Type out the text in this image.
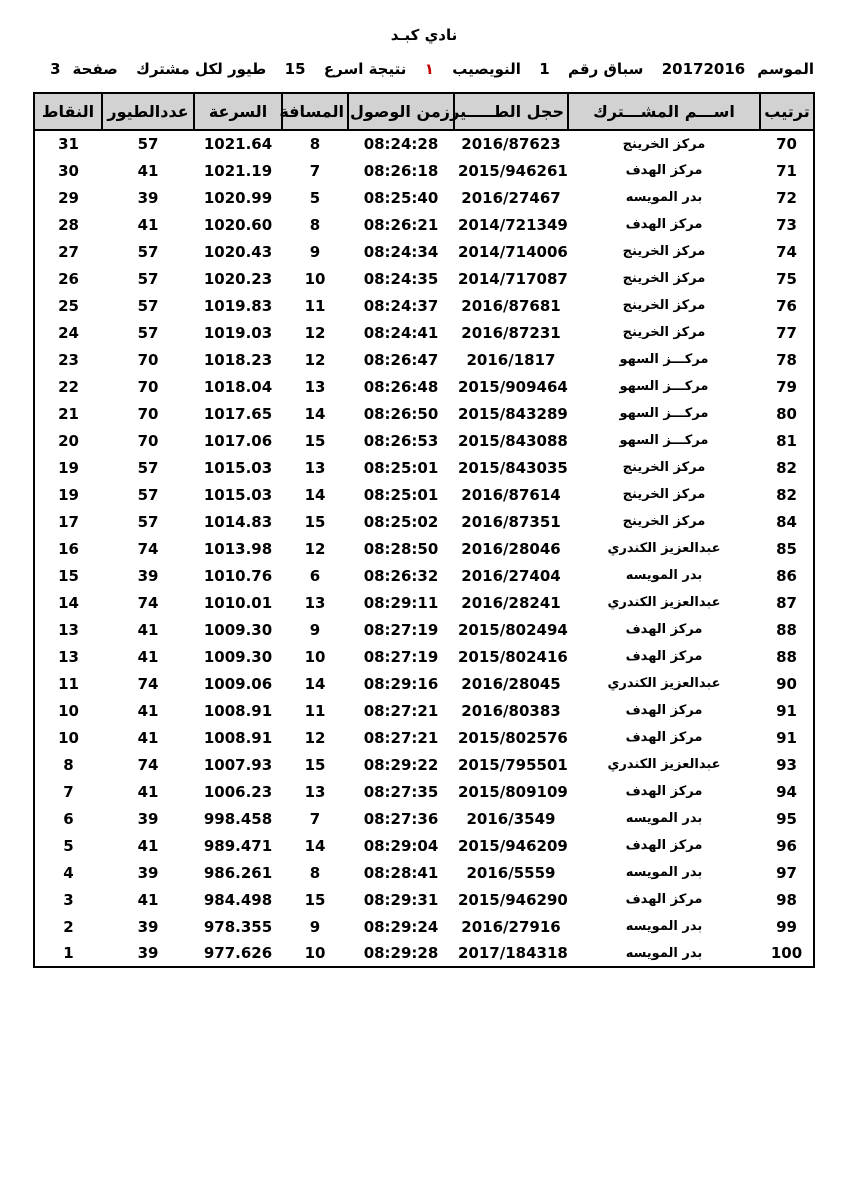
نادي كبـد
الموسم
20172016
سباق رقم
1
النويصيب
١
نتيجة اسرع
15
طيور لكل مشترك
صفحة
3
ترتيب	اســـم المشـــترك	حجل الطـــــير	زمن الوصول	المسافة	السرعة	عددالطيور	النقاط
70	مركز الخرينج	2016/87623	08:24:28	8	1021.64	57	31
71	مركز الهدف	2015/946261	08:26:18	7	1021.19	41	30
72	بدر المويسه	2016/27467	08:25:40	5	1020.99	39	29
73	مركز الهدف	2014/721349	08:26:21	8	1020.60	41	28
74	مركز الخرينج	2014/714006	08:24:34	9	1020.43	57	27
75	مركز الخرينج	2014/717087	08:24:35	10	1020.23	57	26
76	مركز الخرينج	2016/87681	08:24:37	11	1019.83	57	25
77	مركز الخرينج	2016/87231	08:24:41	12	1019.03	57	24
78	مركـــز السهو	2016/1817	08:26:47	12	1018.23	70	23
79	مركـــز السهو	2015/909464	08:26:48	13	1018.04	70	22
80	مركـــز السهو	2015/843289	08:26:50	14	1017.65	70	21
81	مركـــز السهو	2015/843088	08:26:53	15	1017.06	70	20
82	مركز الخرينج	2015/843035	08:25:01	13	1015.03	57	19
82	مركز الخرينج	2016/87614	08:25:01	14	1015.03	57	19
84	مركز الخرينج	2016/87351	08:25:02	15	1014.83	57	17
85	عبدالعزيز الكندري	2016/28046	08:28:50	12	1013.98	74	16
86	بدر المويسه	2016/27404	08:26:32	6	1010.76	39	15
87	عبدالعزيز الكندري	2016/28241	08:29:11	13	1010.01	74	14
88	مركز الهدف	2015/802494	08:27:19	9	1009.30	41	13
88	مركز الهدف	2015/802416	08:27:19	10	1009.30	41	13
90	عبدالعزيز الكندري	2016/28045	08:29:16	14	1009.06	74	11
91	مركز الهدف	2016/80383	08:27:21	11	1008.91	41	10
91	مركز الهدف	2015/802576	08:27:21	12	1008.91	41	10
93	عبدالعزيز الكندري	2015/795501	08:29:22	15	1007.93	74	8
94	مركز الهدف	2015/809109	08:27:35	13	1006.23	41	7
95	بدر المويسه	2016/3549	08:27:36	7	998.458	39	6
96	مركز الهدف	2015/946209	08:29:04	14	989.471	41	5
97	بدر المويسه	2016/5559	08:28:41	8	986.261	39	4
98	مركز الهدف	2015/946290	08:29:31	15	984.498	41	3
99	بدر المويسه	2016/27916	08:29:24	9	978.355	39	2
100	بدر المويسه	2017/184318	08:29:28	10	977.626	39	1
